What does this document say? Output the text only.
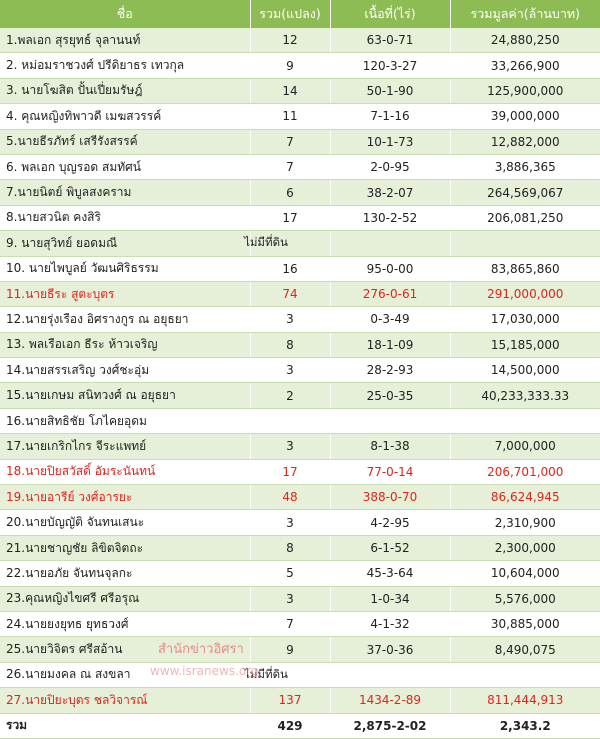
ชื่อ	รวม(แปลง)	เนื้อที่(ไร่)	รวมมูลค่า(ล้านบาท)
1.พลเอก สุรยุทธ์ จุลานนท์	12	63-0-71	24,880,250
2. หม่อมราชวงศ์ ปรีดิยาธร เทวกุล	9	120-3-27	33,266,900
3. นายโฆสิต ปั้นเปี่ยมรัษฎ์	14	50-1-90	125,900,000
4. คุณหญิงทิพาวดี เมฆสวรรค์	11	7-1-16	39,000,000
5.นายธีรภัทร์ เสรีรังสรรค์	7	10-1-73	12,882,000
6. พลเอก บุญรอด สมทัศน์	7	2-0-95	3,886,365
7.นายนิตย์ พิบูลสงคราม	6	38-2-07	264,569,067
8.นายสวนิต คงสิริ	17	130-2-52	206,081,250
9. นายสุวิทย์ ยอดมณี	ไม่มีที่ดิน		
10. นายไพบูลย์ วัฒนศิริธรรม	16	95-0-00	83,865,860
11.นายธีระ สูตะบุตร	74	276-0-61	291,000,000
12.นายรุ่งเรือง อิศรางกูร ณ อยุธยา	3	0-3-49	17,030,000
13. พลเรือเอก ธีระ ห้าวเจริญ	8	18-1-09	15,185,000
14.นายสรรเสริญ วงศ์ชะอุ่ม	3	28-2-93	14,500,000
15.นายเกษม สนิทวงศ์ ณ อยุธยา	2	25-0-35	40,233,333.33
16.นายสิทธิชัย โภไคยอุดม			
17.นายเกริกไกร จีระแพทย์	3	8-1-38	7,000,000
18.นายปิยสวัสดิ์ อัมระนันทน์	17	77-0-14	206,701,000
19.นายอารีย์ วงศ์อารยะ	48	388-0-70	86,624,945
20.นายบัญญัติ จันทนเสนะ	3	4-2-95	2,310,900
21.นายชาญชัย ลิขิตจิตถะ	8	6-1-52	2,300,000
22.นายอภัย จันทนจุลกะ	5	45-3-64	10,604,000
23.คุณหญิงไขศรี ศรีอรุณ	3	1-0-34	5,576,000
24.นายยงยุทธ ยุทธวงศ์	7	4-1-32	30,885,000
25.นายวิจิตร ศรีสอ้าน	9	37-0-36	8,490,075
26.นายมงคล ณ สงขลา	ไม่มีที่ดิน		
27.นายปิยะบุตร ชลวิจารณ์	137	1434-2-89	811,444,913
รวม	429	2,875-2-02	2,343.2
สำนักข่าวอิศรา
www.isranews.org
